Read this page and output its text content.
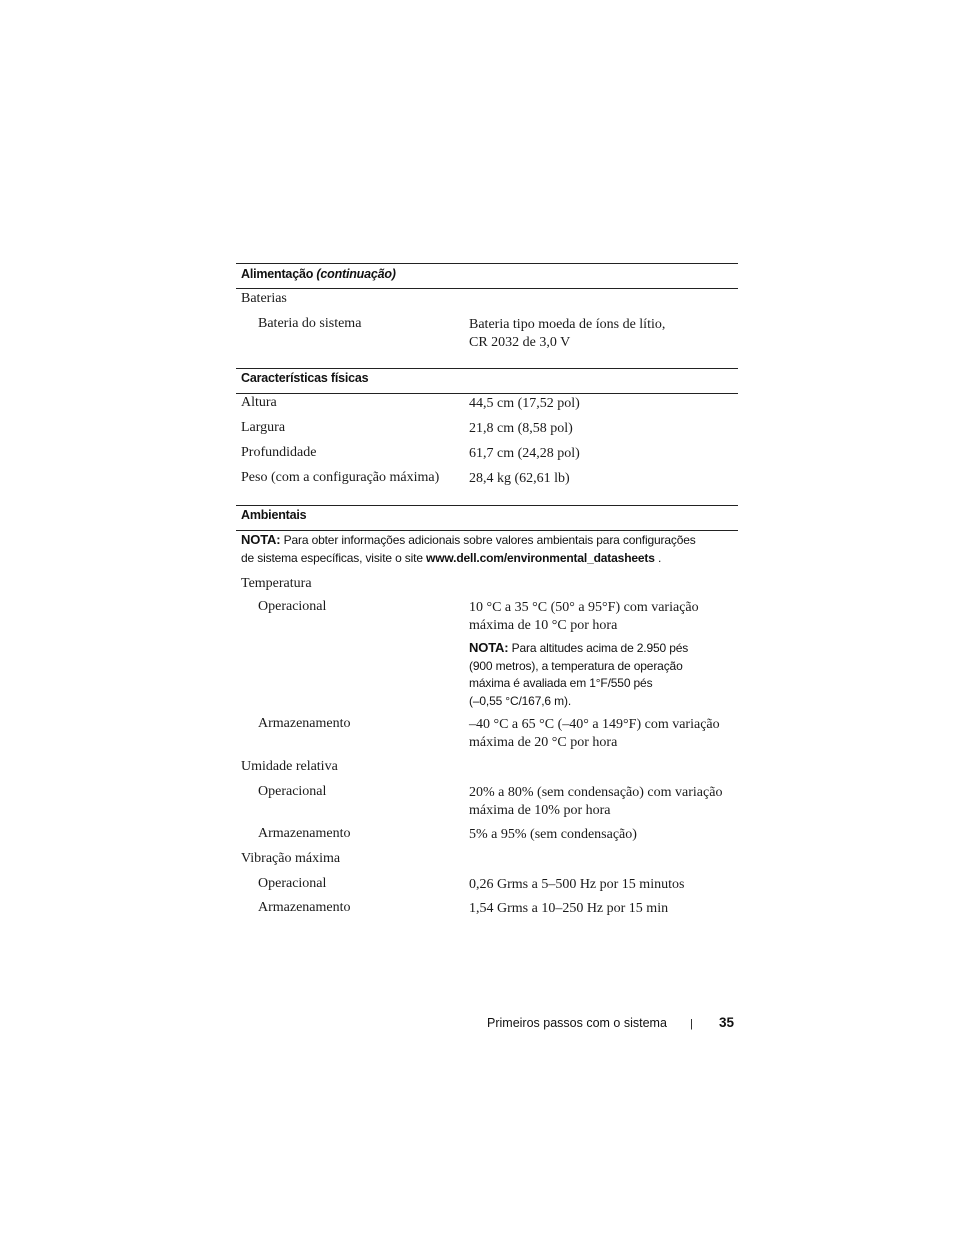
Alimentação (continuação)
Baterias
Bateria do sistema	Bateria tipo moeda de íons de lítio,
CR 2032 de 3,0 V
Características físicas
Altura	44,5 cm (17,52 pol)
Largura	21,8 cm (8,58 pol)
Profundidade	61,7 cm (24,28 pol)
Peso (com a configuração máxima) 28,4 kg (62,61 lb)
Ambientais
NOTA: Para obter informações adicionais sobre valores ambientais para configurações
de sistema específicas, visite o site www.dell.com/environmental_datasheets .
Temperatura
Operacional	10 °C a 35 °C (50° a 95°F) com variação
máxima de 10 °C por hora
NOTA: Para altitudes acima de 2.950 pés
(900 metros), a temperatura de operação
máxima é avaliada em 1°F/550 pés
(–0,55 °C/167,6 m).
Armazenamento	–40 °C a 65 °C (–40° a 149°F) com variação
máxima de 20 °C por hora
Umidade relativa
Operacional	20% a 80% (sem condensação) com variação
máxima de 10% por hora
Armazenamento	5% a 95% (sem condensação)
Vibração máxima
Operacional	0,26 Grms a 5–500 Hz por 15 minutos
Armazenamento	1,54 Grms a 10–250 Hz por 15 min
Primeiros passos com o sistema | 35
